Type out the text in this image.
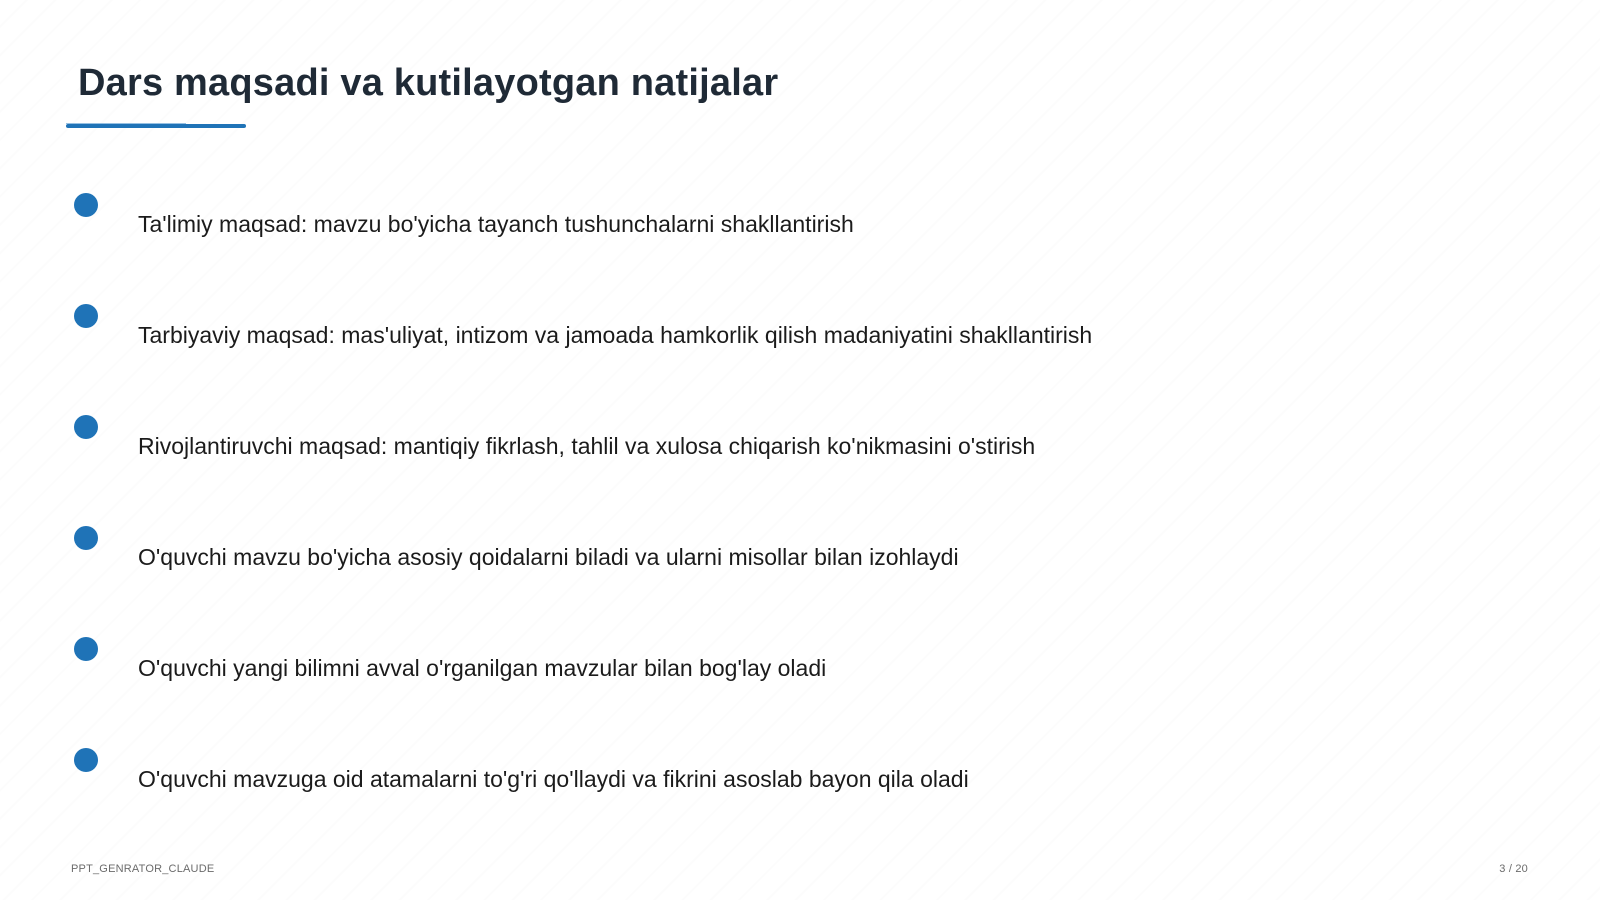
Dars maqsadi va kutilayotgan natijalar
Ta'limiy maqsad: mavzu bo'yicha tayanch tushunchalarni shakllantirish
Tarbiyaviy maqsad: mas'uliyat, intizom va jamoada hamkorlik qilish madaniyatini shakllantirish
Rivojlantiruvchi maqsad: mantiqiy fikrlash, tahlil va xulosa chiqarish ko'nikmasini o'stirish
O'quvchi mavzu bo'yicha asosiy qoidalarni biladi va ularni misollar bilan izohlaydi
O'quvchi yangi bilimni avval o'rganilgan mavzular bilan bog'lay oladi
O'quvchi mavzuga oid atamalarni to'g'ri qo'llaydi va fikrini asoslab bayon qila oladi
PPT_GENRATOR_CLAUDE	3 / 20
